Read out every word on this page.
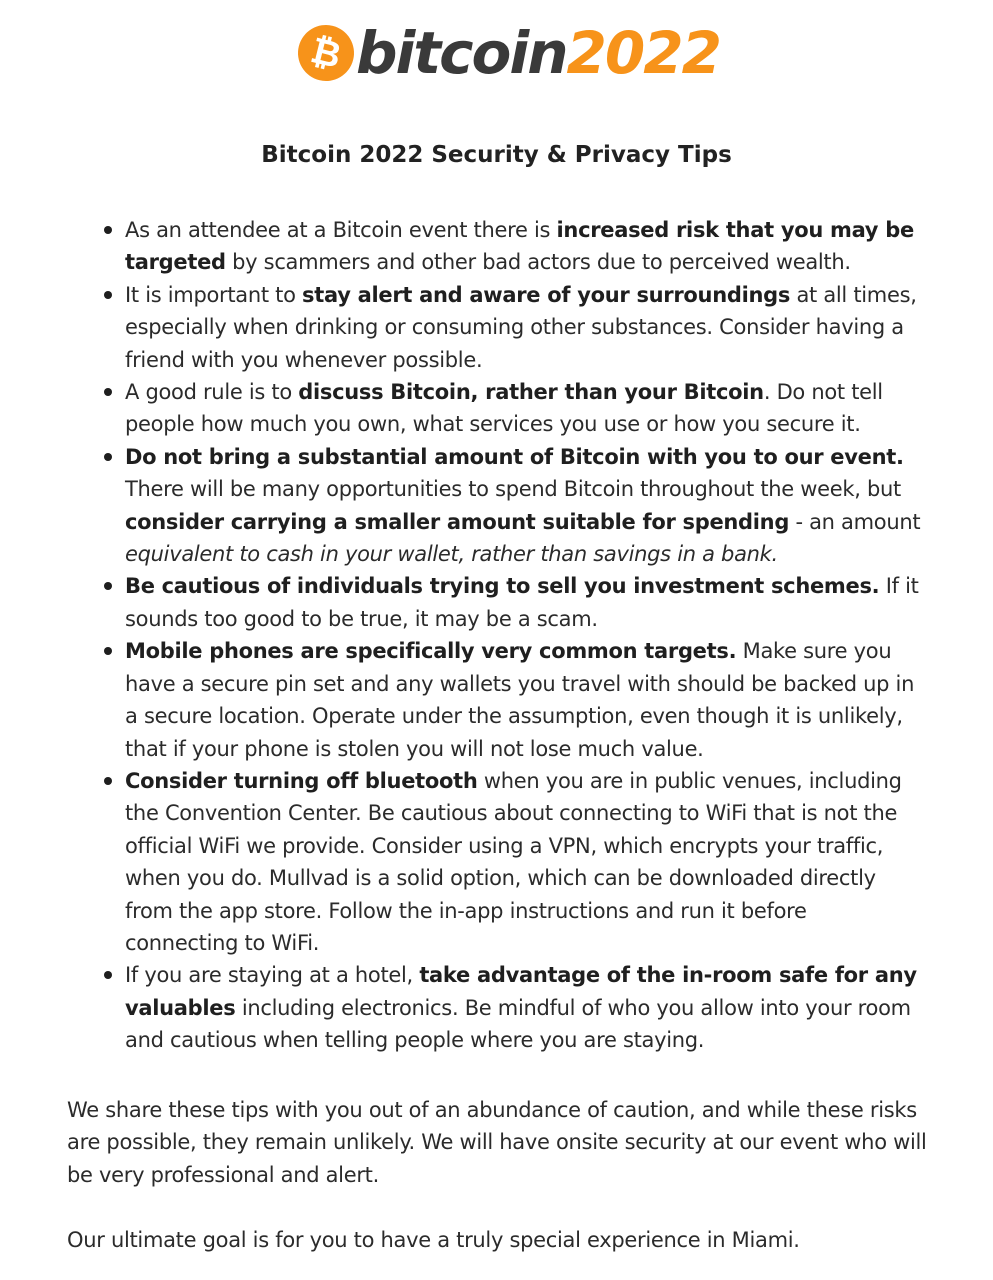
₿ bitcoin2022
Bitcoin 2022 Security & Privacy Tips
As an attendee at a Bitcoin event there is increased risk that you may be targeted by scammers and other bad actors due to perceived wealth.
It is important to stay alert and aware of your surroundings at all times, especially when drinking or consuming other substances. Consider having a friend with you whenever possible.
A good rule is to discuss Bitcoin, rather than your Bitcoin. Do not tell people how much you own, what services you use or how you secure it.
Do not bring a substantial amount of Bitcoin with you to our event. There will be many opportunities to spend Bitcoin throughout the week, but consider carrying a smaller amount suitable for spending - an amount equivalent to cash in your wallet, rather than savings in a bank.
Be cautious of individuals trying to sell you investment schemes. If it sounds too good to be true, it may be a scam.
Mobile phones are specifically very common targets. Make sure you have a secure pin set and any wallets you travel with should be backed up in a secure location. Operate under the assumption, even though it is unlikely, that if your phone is stolen you will not lose much value.
Consider turning off bluetooth when you are in public venues, including the Convention Center. Be cautious about connecting to WiFi that is not the official WiFi we provide. Consider using a VPN, which encrypts your traffic, when you do. Mullvad is a solid option, which can be downloaded directly from the app store. Follow the in-app instructions and run it before connecting to WiFi.
If you are staying at a hotel, take advantage of the in-room safe for any valuables including electronics. Be mindful of who you allow into your room and cautious when telling people where you are staying.

We share these tips with you out of an abundance of caution, and while these risks are possible, they remain unlikely. We will have onsite security at our event who will be very professional and alert.

Our ultimate goal is for you to have a truly special experience in Miami.
